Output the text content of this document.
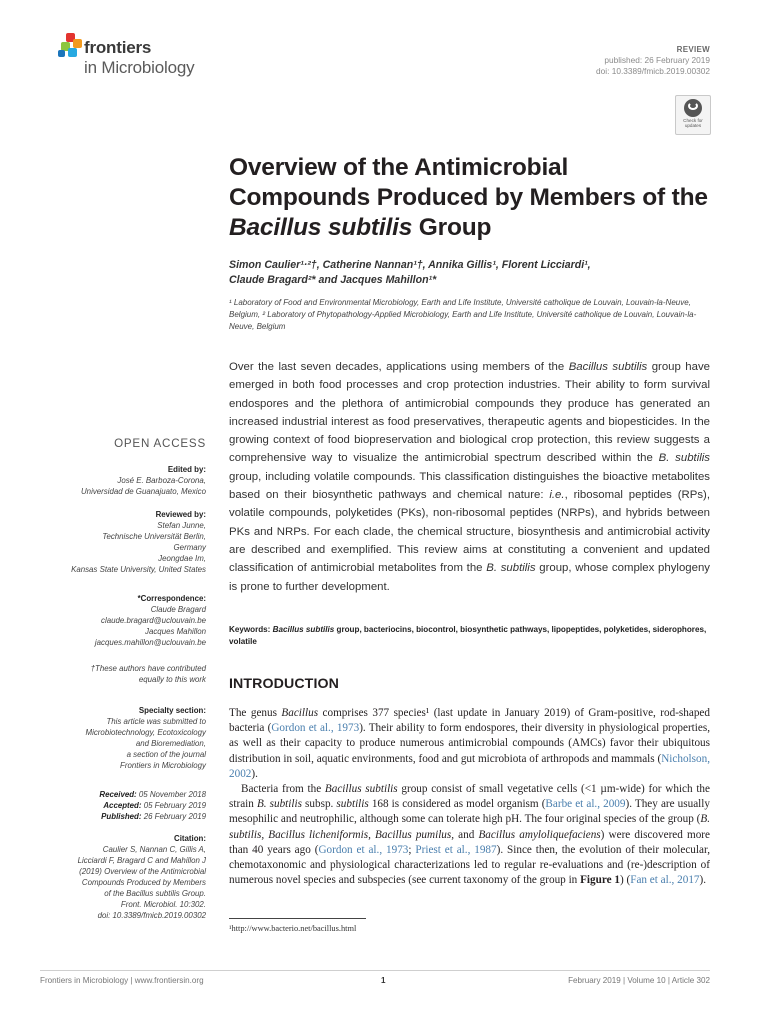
frontiers
in Microbiology
REVIEW
published: 26 February 2019
doi: 10.3389/fmicb.2019.00302
Check for
updates
Overview of the Antimicrobial Compounds Produced by Members of the Bacillus subtilis Group
Simon Caulier¹·²†, Catherine Nannan¹†, Annika Gillis¹, Florent Licciardi¹,
Claude Bragard²* and Jacques Mahillon¹*
¹ Laboratory of Food and Environmental Microbiology, Earth and Life Institute, Université catholique de Louvain, Louvain-la-Neuve, Belgium, ² Laboratory of Phytopathology-Applied Microbiology, Earth and Life Institute, Université catholique de Louvain, Louvain-la-Neuve, Belgium
Over the last seven decades, applications using members of the Bacillus subtilis group have emerged in both food processes and crop protection industries. Their ability to form survival endospores and the plethora of antimicrobial compounds they produce has generated an increased industrial interest as food preservatives, therapeutic agents and biopesticides. In the growing context of food biopreservation and biological crop protection, this review suggests a comprehensive way to visualize the antimicrobial spectrum described within the B. subtilis group, including volatile compounds. This classification distinguishes the bioactive metabolites based on their biosynthetic pathways and chemical nature: i.e., ribosomal peptides (RPs), volatile compounds, polyketides (PKs), non-ribosomal peptides (NRPs), and hybrids between PKs and NRPs. For each clade, the chemical structure, biosynthesis and antimicrobial activity are described and exemplified. This review aims at constituting a convenient and updated classification of antimicrobial metabolites from the B. subtilis group, whose complex phylogeny is prone to further development.
Keywords: Bacillus subtilis group, bacteriocins, biocontrol, biosynthetic pathways, lipopeptides, polyketides, siderophores, volatile
OPEN ACCESS
Edited by:
José E. Barboza-Corona,
Universidad de Guanajuato, Mexico
Reviewed by:
Stefan Junne,
Technische Universität Berlin,
Germany
Jeongdae Im,
Kansas State University, United States
*Correspondence:
Claude Bragard
claude.bragard@uclouvain.be
Jacques Mahillon
jacques.mahillon@uclouvain.be
†These authors have contributed
equally to this work
Specialty section:
This article was submitted to
Microbiotechnology, Ecotoxicology
and Bioremediation,
a section of the journal
Frontiers in Microbiology
Received: 05 November 2018
Accepted: 05 February 2019
Published: 26 February 2019
Citation:
Caulier S, Nannan C, Gillis A,
Licciardi F, Bragard C and Mahillon J
(2019) Overview of the Antimicrobial
Compounds Produced by Members
of the Bacillus subtilis Group.
Front. Microbiol. 10:302.
doi: 10.3389/fmicb.2019.00302
INTRODUCTION
The genus Bacillus comprises 377 species¹ (last update in January 2019) of Gram-positive, rod-shaped bacteria (Gordon et al., 1973). Their ability to form endospores, their diversity in physiological properties, as well as their capacity to produce numerous antimicrobial compounds (AMCs) favor their ubiquitous distribution in soil, aquatic environments, food and gut microbiota of arthropods and mammals (Nicholson, 2002).
Bacteria from the Bacillus subtilis group consist of small vegetative cells (<1 µm-wide) for which the strain B. subtilis subsp. subtilis 168 is considered as model organism (Barbe et al., 2009). They are usually mesophilic and neutrophilic, although some can tolerate high pH. The four original species of the group (B. subtilis, Bacillus licheniformis, Bacillus pumilus, and Bacillus amyloliquefaciens) were discovered more than 40 years ago (Gordon et al., 1973; Priest et al., 1987). Since then, the evolution of their molecular, chemotaxonomic and physiological characterizations led to regular re-evaluations and (re-)description of numerous novel species and subspecies (see current taxonomy of the group in Figure 1) (Fan et al., 2017).
¹http://www.bacterio.net/bacillus.html
Frontiers in Microbiology | www.frontiersin.org	1	February 2019 | Volume 10 | Article 302
